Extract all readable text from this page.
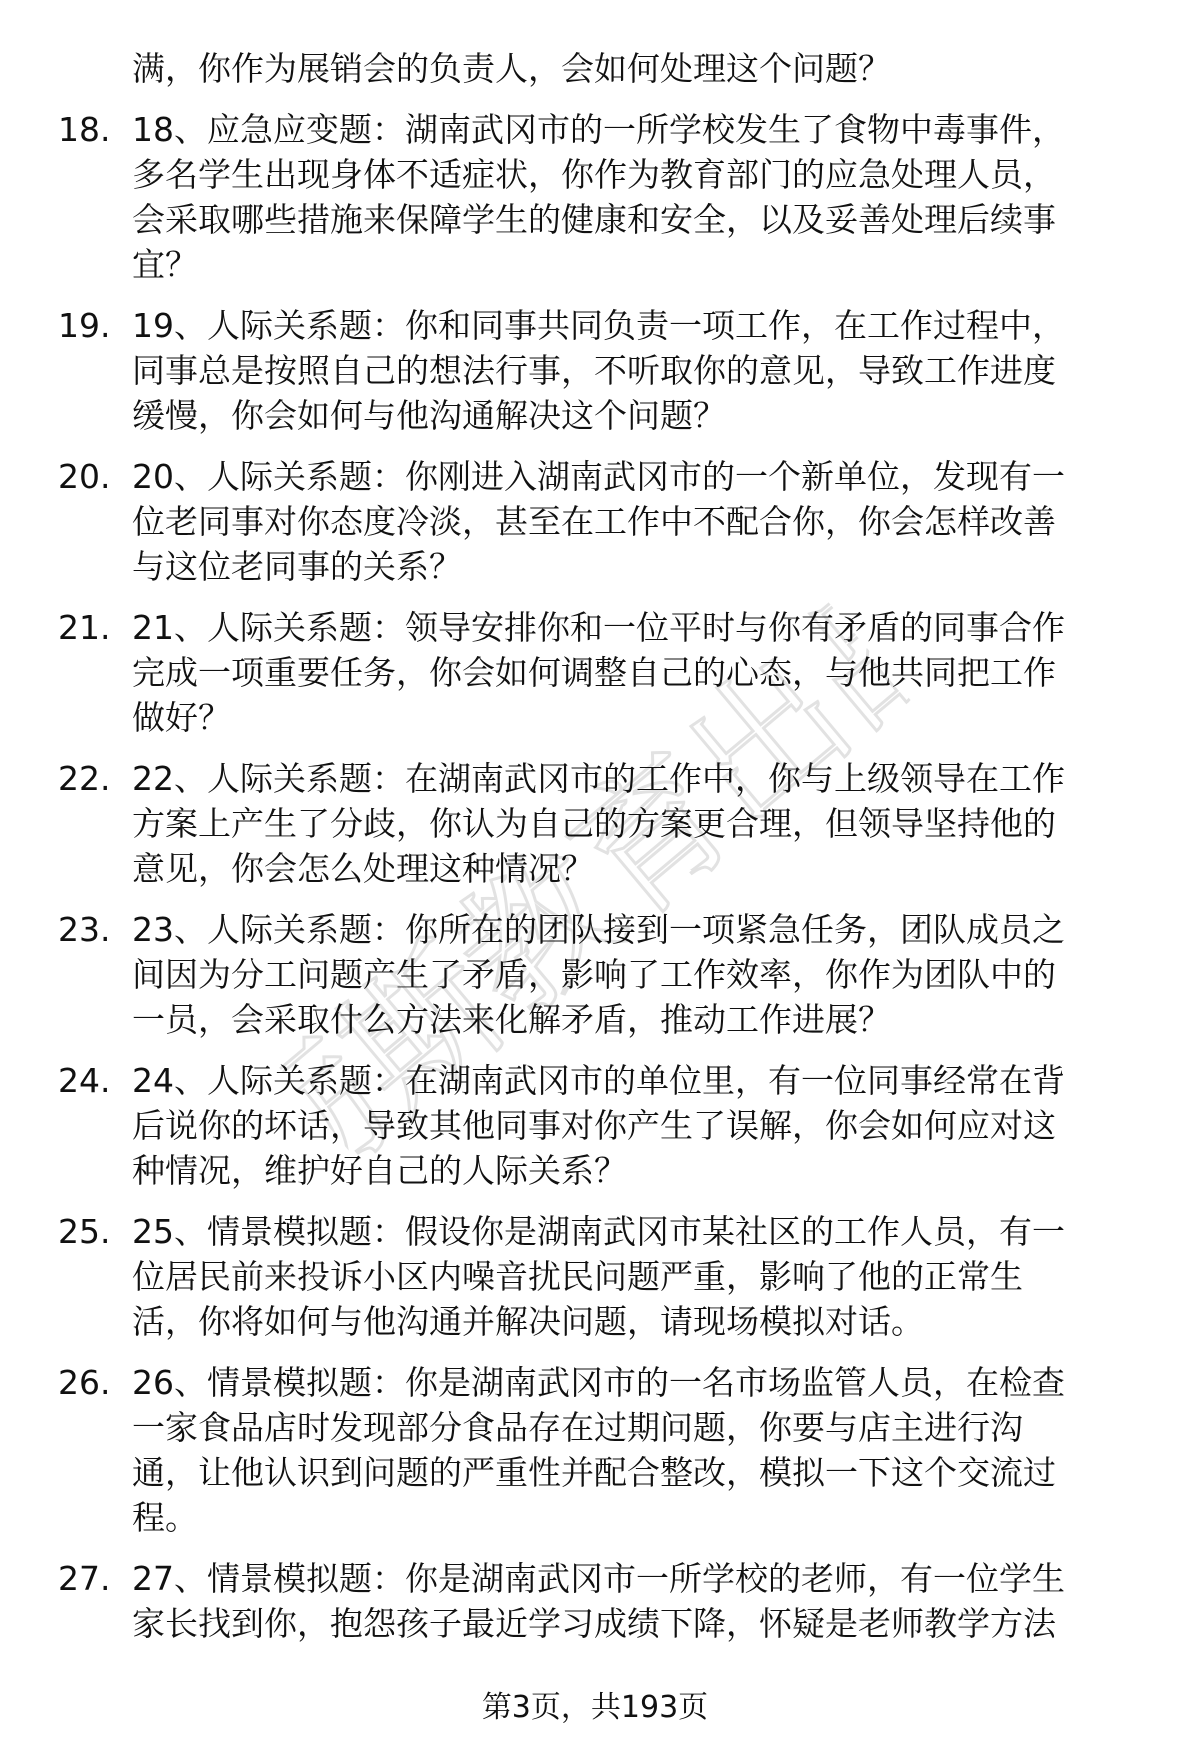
砺斯教育出品
满，你作为展销会的负责人，会如何处理这个问题？
18. 18、应急应变题：湖南武冈市的一所学校发生了食物中毒事件，
多名学生出现身体不适症状，你作为教育部门的应急处理人员，
会采取哪些措施来保障学生的健康和安全，以及妥善处理后续事
宜？
19. 19、人际关系题：你和同事共同负责一项工作，在工作过程中，
同事总是按照自己的想法行事，不听取你的意见，导致工作进度
缓慢，你会如何与他沟通解决这个问题？
20. 20、人际关系题：你刚进入湖南武冈市的一个新单位，发现有一
位老同事对你态度冷淡，甚至在工作中不配合你，你会怎样改善
与这位老同事的关系？
21. 21、人际关系题：领导安排你和一位平时与你有矛盾的同事合作
完成一项重要任务，你会如何调整自己的心态，与他共同把工作
做好？
22. 22、人际关系题：在湖南武冈市的工作中，你与上级领导在工作
方案上产生了分歧，你认为自己的方案更合理，但领导坚持他的
意见，你会怎么处理这种情况？
23. 23、人际关系题：你所在的团队接到一项紧急任务，团队成员之
间因为分工问题产生了矛盾，影响了工作效率，你作为团队中的
一员，会采取什么方法来化解矛盾，推动工作进展？
24. 24、人际关系题：在湖南武冈市的单位里，有一位同事经常在背
后说你的坏话，导致其他同事对你产生了误解，你会如何应对这
种情况，维护好自己的人际关系？
25. 25、情景模拟题：假设你是湖南武冈市某社区的工作人员，有一
位居民前来投诉小区内噪音扰民问题严重，影响了他的正常生
活，你将如何与他沟通并解决问题，请现场模拟对话。
26. 26、情景模拟题：你是湖南武冈市的一名市场监管人员，在检查
一家食品店时发现部分食品存在过期问题，你要与店主进行沟
通，让他认识到问题的严重性并配合整改，模拟一下这个交流过
程。
27. 27、情景模拟题：你是湖南武冈市一所学校的老师，有一位学生
家长找到你，抱怨孩子最近学习成绩下降，怀疑是老师教学方法
第3页，共193页
